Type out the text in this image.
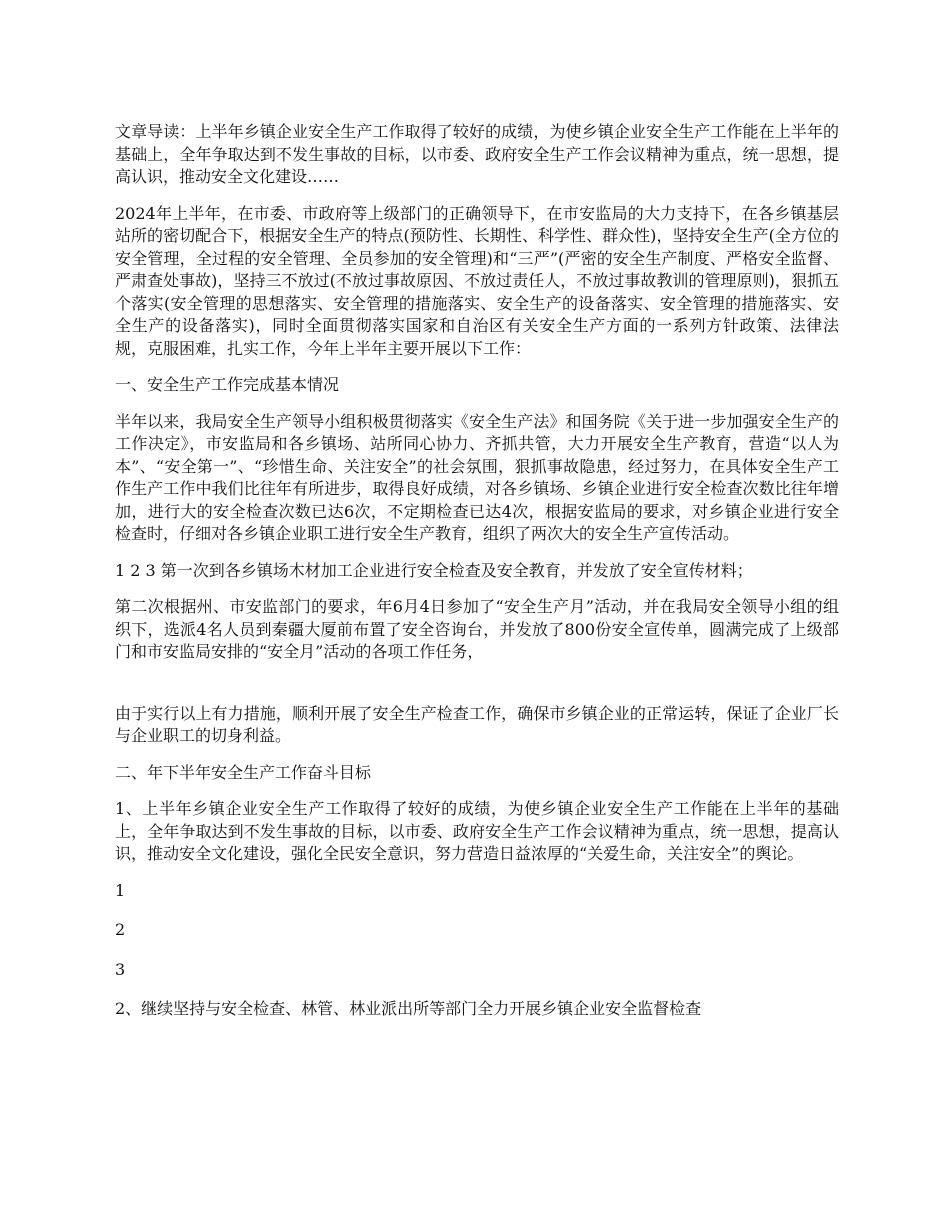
文章导读：上半年乡镇企业安全生产工作取得了较好的成绩，为使乡镇企业安全生产工作能在上半年的基础上，全年争取达到不发生事故的目标，以市委、政府安全生产工作会议精神为重点，统一思想，提高认识，推动安全文化建设……

2024年上半年，在市委、市政府等上级部门的正确领导下，在市安监局的大力支持下，在各乡镇基层站所的密切配合下，根据安全生产的特点(预防性、长期性、科学性、群众性)，坚持安全生产(全方位的安全管理，全过程的安全管理、全员参加的安全管理)和“三严”(严密的安全生产制度、严格安全监督、严肃查处事故)，坚持三不放过(不放过事故原因、不放过责任人，不放过事故教训的管理原则)，狠抓五个落实(安全管理的思想落实、安全管理的措施落实、安全生产的设备落实、安全管理的措施落实、安全生产的设备落实)，同时全面贯彻落实国家和自治区有关安全生产方面的一系列方针政策、法律法规，克服困难，扎实工作，今年上半年主要开展以下工作：

一、安全生产工作完成基本情况

半年以来，我局安全生产领导小组积极贯彻落实《安全生产法》和国务院《关于进一步加强安全生产的工作决定》，市安监局和各乡镇场、站所同心协力、齐抓共管，大力开展安全生产教育，营造“以人为本”、“安全第一”、“珍惜生命、关注安全”的社会氛围，狠抓事故隐患，经过努力，在具体安全生产工作生产工作中我们比往年有所进步，取得良好成绩，对各乡镇场、乡镇企业进行安全检查次数比往年增加，进行大的安全检查次数已达6次，不定期检查已达4次，根据安监局的要求，对乡镇企业进行安全检查时，仔细对各乡镇企业职工进行安全生产教育，组织了两次大的安全生产宣传活动。

1 2 3 第一次到各乡镇场木材加工企业进行安全检查及安全教育，并发放了安全宣传材料；

第二次根据州、市安监部门的要求，年6月4日参加了“安全生产月”活动，并在我局安全领导小组的组织下，选派4名人员到秦疆大厦前布置了安全咨询台，并发放了800份安全宣传单，圆满完成了上级部门和市安监局安排的“安全月”活动的各项工作任务，

由于实行以上有力措施，顺利开展了安全生产检查工作，确保市乡镇企业的正常运转，保证了企业厂长与企业职工的切身利益。

二、年下半年安全生产工作奋斗目标

1、上半年乡镇企业安全生产工作取得了较好的成绩，为使乡镇企业安全生产工作能在上半年的基础上，全年争取达到不发生事故的目标，以市委、政府安全生产工作会议精神为重点，统一思想，提高认识，推动安全文化建设，强化全民安全意识，努力营造日益浓厚的“关爱生命，关注安全”的舆论。

1

2

3

2、继续坚持与安全检查、林管、林业派出所等部门全力开展乡镇企业安全监督检查
